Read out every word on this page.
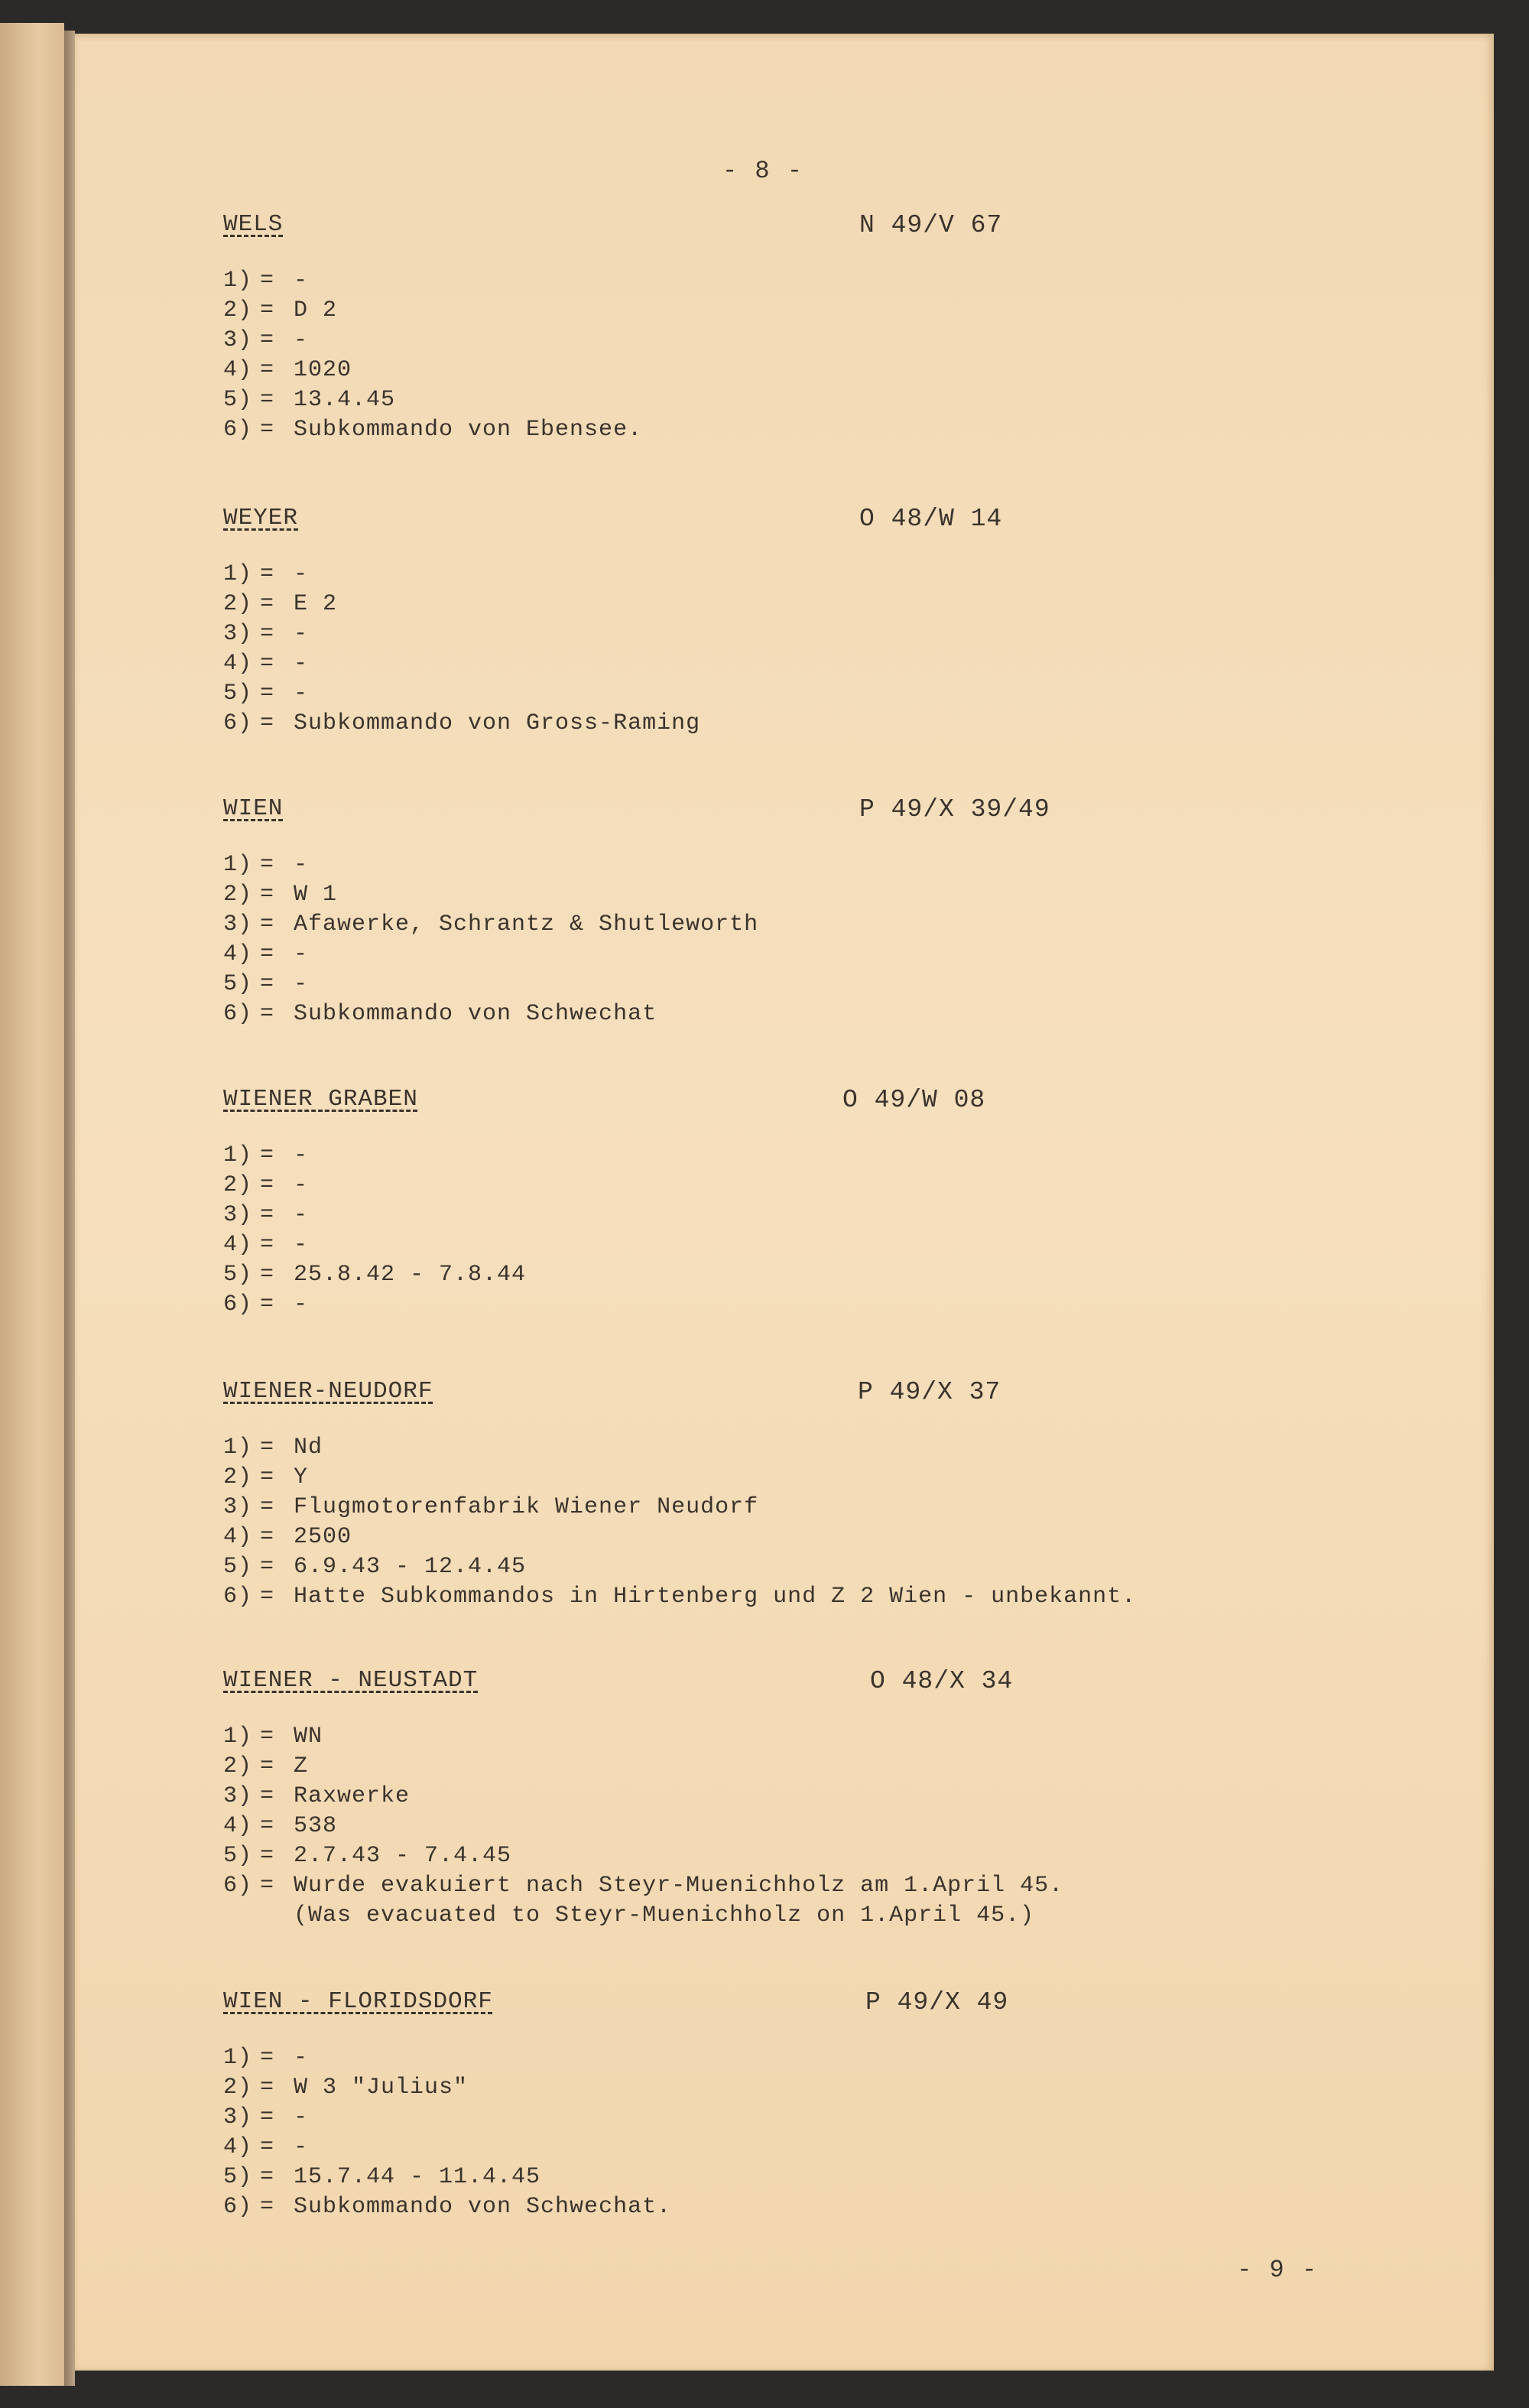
- 8 -
WELS	N 49/V 67
1) = -
2) = D 2
3) = -
4) = 1020
5) = 13.4.45
6) = Subkommando von Ebensee.
WEYER	O 48/W 14
1) = -
2) = E 2
3) = -
4) = -
5) = -
6) = Subkommando von Gross-Raming
WIEN	P 49/X 39/49
1) = -
2) = W 1
3) = Afawerke, Schrantz & Shutleworth
4) = -
5) = -
6) = Subkommando von Schwechat
WIENER GRABEN	O 49/W 08
1) = -
2) = -
3) = -
4) = -
5) = 25.8.42 - 7.8.44
6) = -
WIENER-NEUDORF	P 49/X 37
1) = Nd
2) = Y
3) = Flugmotorenfabrik Wiener Neudorf
4) = 2500
5) = 6.9.43 - 12.4.45
6) = Hatte Subkommandos in Hirtenberg und Z 2 Wien - unbekannt.
WIENER - NEUSTADT	O 48/X 34
1) = WN
2) = Z
3) = Raxwerke
4) = 538
5) = 2.7.43 - 7.4.45
6) = Wurde evakuiert nach Steyr-Muenichholz am 1.April 45.
(Was evacuated to Steyr-Muenichholz on 1.April 45.)
WIEN - FLORIDSDORF	P 49/X 49
1) = -
2) = W 3 "Julius"
3) = -
4) = -
5) = 15.7.44 - 11.4.45
6) = Subkommando von Schwechat.
- 9 -
